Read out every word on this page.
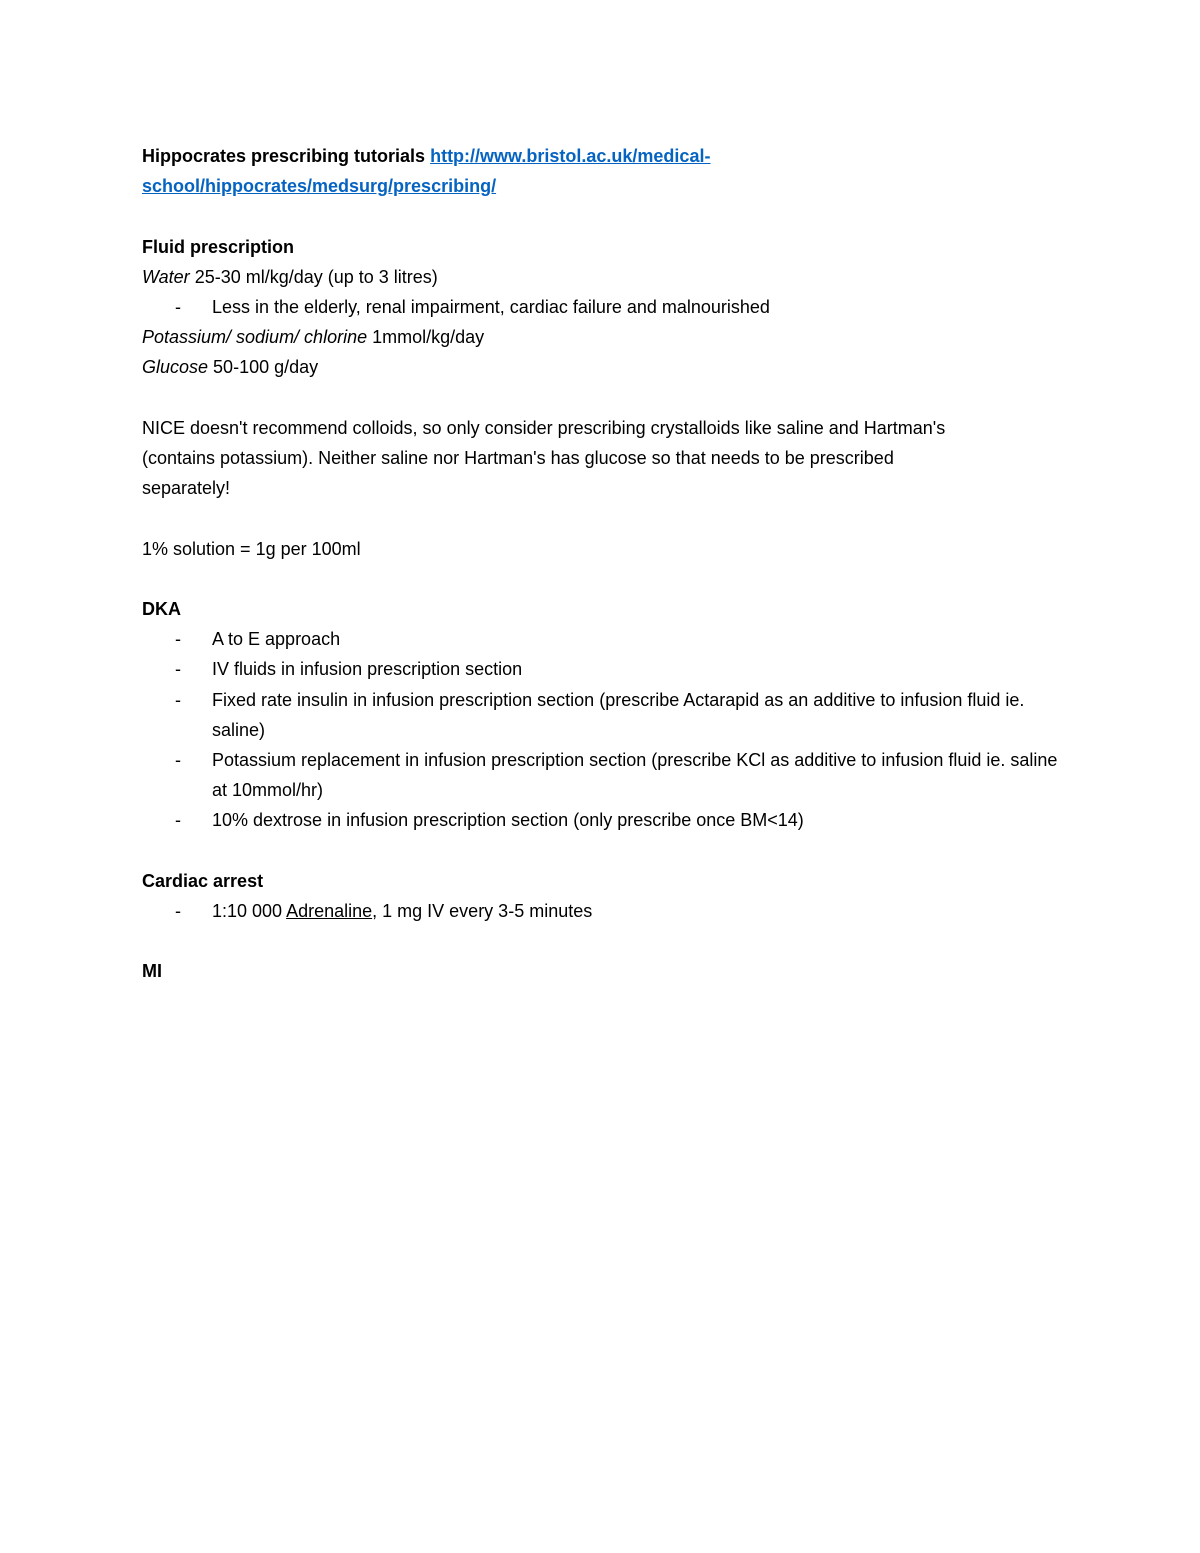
Hippocrates prescribing tutorials http://www.bristol.ac.uk/medical-

school/hippocrates/medsurg/prescribing/

Fluid prescription

Water 25-30 ml/kg/day (up to 3 litres)

- Less in the elderly, renal impairment, cardiac failure and malnourished

Potassium/ sodium/ chlorine 1mmol/kg/day

Glucose 50-100 g/day

NICE doesn't recommend colloids, so only consider prescribing crystalloids like saline and Hartman's

(contains potassium). Neither saline nor Hartman's has glucose so that needs to be prescribed

separately!

1% solution = 1g per 100ml

DKA

- A to E approach
- IV fluids in infusion prescription section
- Fixed rate insulin in infusion prescription section (prescribe Actarapid as an additive to infusion fluid ie. saline)
- Potassium replacement in infusion prescription section (prescribe KCl as additive to infusion fluid ie. saline at 10mmol/hr)
- 10% dextrose in infusion prescription section (only prescribe once BM<14)

Cardiac arrest

- 1:10 000 Adrenaline, 1 mg IV every 3-5 minutes

MI
